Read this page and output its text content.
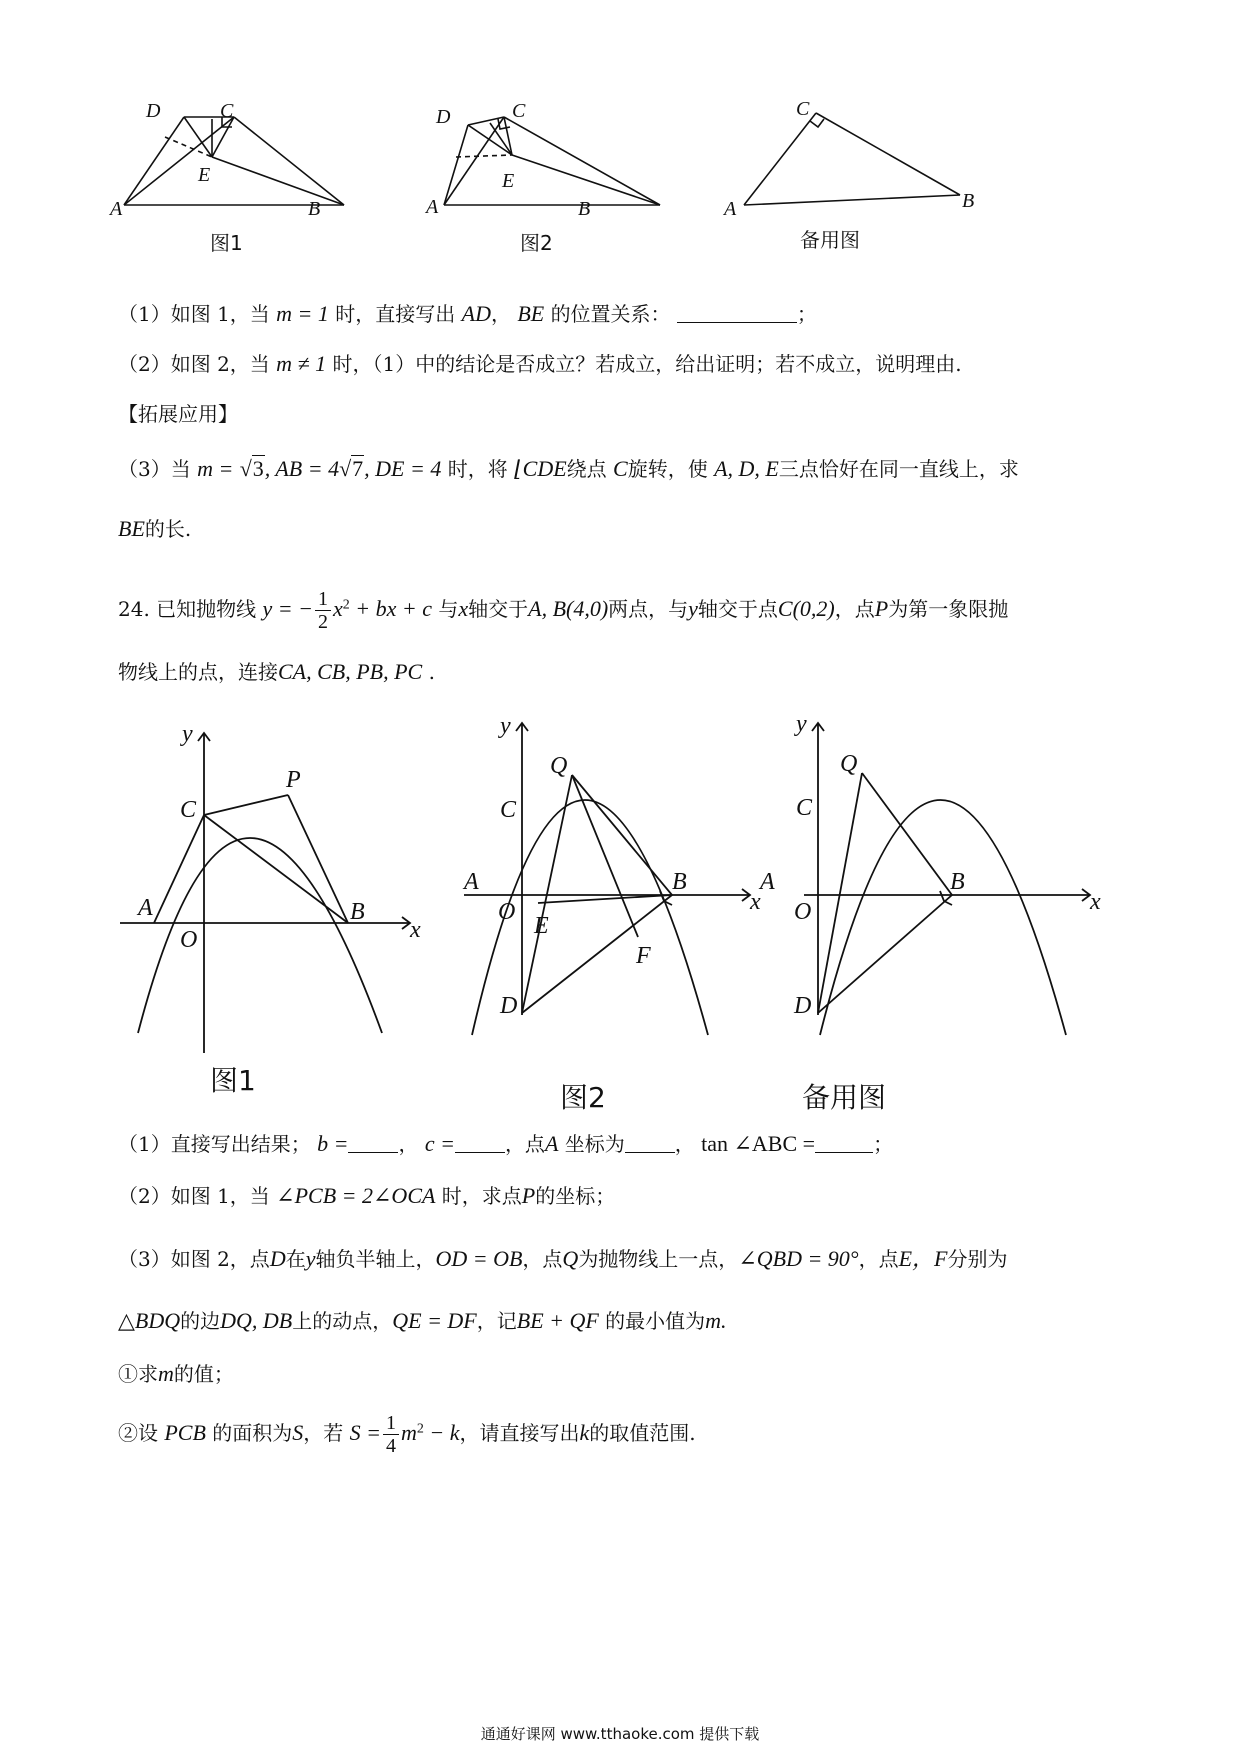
A	B
C
D
E
图1
A	B
C
D
E
图2
A	B
C
备用图
（1）如图 1，当 m = 1 时，直接写出 AD， BE 的位置关系：	；
（2）如图 2，当 m ≠ 1 时，（1）中的结论是否成立？若成立，给出证明；若不成立，说明理由.
【拓展应用】
（3）当 m = √3, AB = 4√7, DE = 4 时，将 ⌊CDE绕点 C旋转，使 A, D, E三点恰好在同一直线上，求
BE的长.
24. 已知抛物线 y = − $\frac{1}{2} x^2$ + bx + c 与x轴交于A, B(4,0)两点，与y轴交于点C(0,2)，点P为第一象限抛
物线上的点，连接CA, CB, PB, PC .
y
x
O
A	B
C
P
图1
y
x
O
A	B
C
Q
D
E
F
图2
y
x
O
A	B
C
Q
D
备用图
（1）直接写出结果； b =	， c =	，点A 坐标为	， tan ∠ABC =	；
（2）如图 1，当 ∠PCB = 2∠OCA 时，求点P的坐标；
（3）如图 2，点D在y轴负半轴上，OD = OB，点Q为抛物线上一点，∠QBD = 90°，点E，F分别为
△BDQ的边DQ, DB上的动点，QE = DF，记BE + QF 的最小值为m.
①求m的值；
②设 PCB 的面积为S，若 $S = \frac{1}{4} m^2 - k$，请直接写出k的取值范围.
通通好课网 www.tthaoke.com 提供下载
